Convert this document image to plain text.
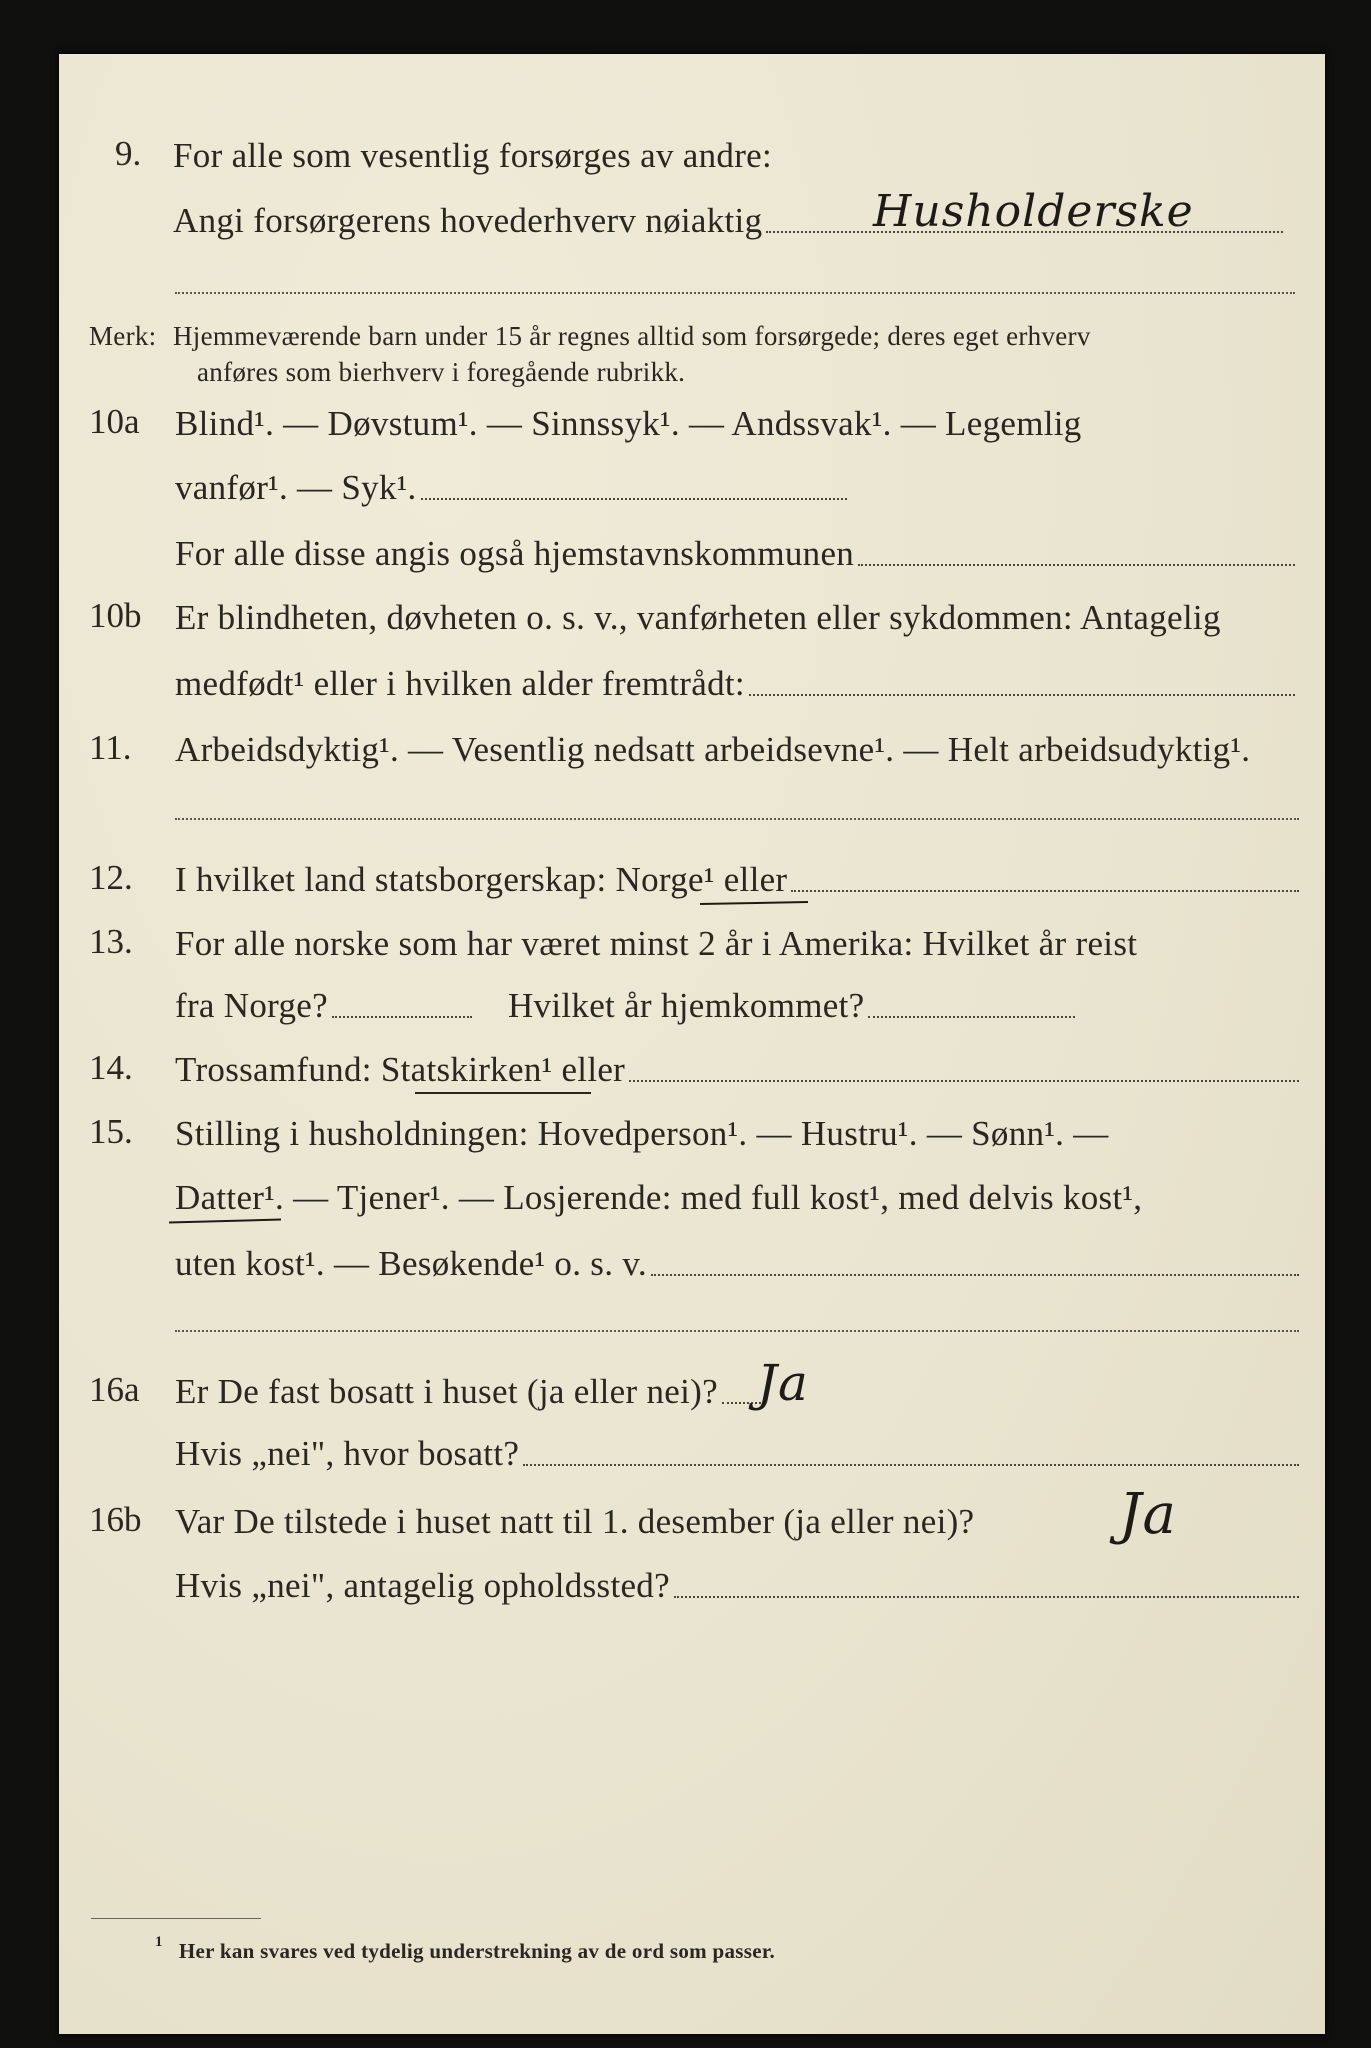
9. For alle som vesentlig forsørges av andre:
Angi forsørgerens hovederhverv nøiaktig	Husholderske
Merk: Hjemmeværende barn under 15 år regnes alltid som forsørgede; deres eget erhverv
anføres som bierhverv i foregående rubrikk.
10a Blind¹. — Døvstum¹. — Sinnssyk¹. — Andssvak¹. — Legemlig
vanfør¹. — Syk¹.
For alle disse angis også hjemstavnskommunen
10b Er blindheten, døvheten o. s. v., vanførheten eller sykdommen: Antagelig
medfødt¹ eller i hvilken alder fremtrådt:
11. Arbeidsdyktig¹. — Vesentlig nedsatt arbeidsevne¹. — Helt arbeidsudyktig¹.
12. I hvilket land statsborgerskap: Norge¹ eller
13. For alle norske som har været minst 2 år i Amerika: Hvilket år reist
fra Norge?	Hvilket år hjemkommet?
14. Trossamfund: Statskirken¹ eller
15. Stilling i husholdningen: Hovedperson¹. — Hustru¹. — Sønn¹. —
Datter¹. — Tjener¹. — Losjerende: med full kost¹, med delvis kost¹,
uten kost¹. — Besøkende¹ o. s. v.
16a Er De fast bosatt i huset (ja eller nei)? Ja
Hvis „nei", hvor bosatt?
16b Var De tilstede i huset natt til 1. desember (ja eller nei)?	Ja
Hvis „nei", antagelig opholdssted?
1 Her kan svares ved tydelig understrekning av de ord som passer.
